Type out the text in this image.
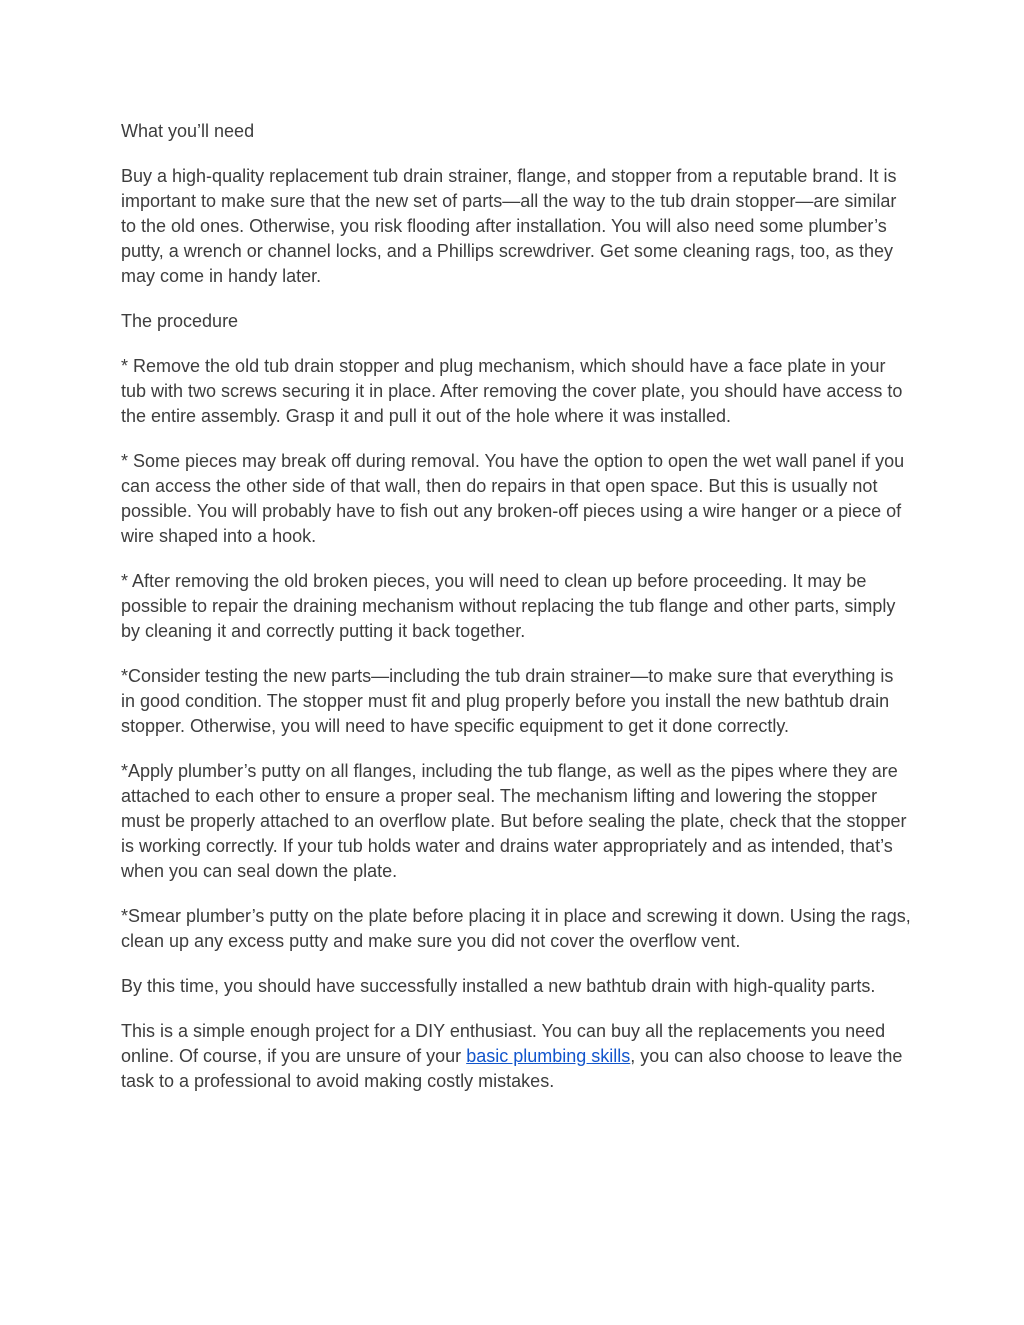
What you’ll need

Buy a high-quality replacement tub drain strainer, flange, and stopper from a reputable brand. It is important to make sure that the new set of parts—all the way to the tub drain stopper—are similar to the old ones. Otherwise, you risk flooding after installation. You will also need some plumber’s putty, a wrench or channel locks, and a Phillips screwdriver. Get some cleaning rags, too, as they may come in handy later.

The procedure

* Remove the old tub drain stopper and plug mechanism, which should have a face plate in your tub with two screws securing it in place. After removing the cover plate, you should have access to the entire assembly. Grasp it and pull it out of the hole where it was installed.

* Some pieces may break off during removal. You have the option to open the wet wall panel if you can access the other side of that wall, then do repairs in that open space. But this is usually not possible. You will probably have to fish out any broken-off pieces using a wire hanger or a piece of wire shaped into a hook.

* After removing the old broken pieces, you will need to clean up before proceeding. It may be possible to repair the draining mechanism without replacing the tub flange and other parts, simply by cleaning it and correctly putting it back together.

*Consider testing the new parts—including the tub drain strainer—to make sure that everything is in good condition. The stopper must fit and plug properly before you install the new bathtub drain stopper. Otherwise, you will need to have specific equipment to get it done correctly.

*Apply plumber’s putty on all flanges, including the tub flange, as well as the pipes where they are attached to each other to ensure a proper seal. The mechanism lifting and lowering the stopper must be properly attached to an overflow plate. But before sealing the plate, check that the stopper is working correctly. If your tub holds water and drains water appropriately and as intended, that’s when you can seal down the plate.

*Smear plumber’s putty on the plate before placing it in place and screwing it down. Using the rags, clean up any excess putty and make sure you did not cover the overflow vent.

By this time, you should have successfully installed a new bathtub drain with high-quality parts.

This is a simple enough project for a DIY enthusiast. You can buy all the replacements you need online. Of course, if you are unsure of your basic plumbing skills, you can also choose to leave the task to a professional to avoid making costly mistakes.
